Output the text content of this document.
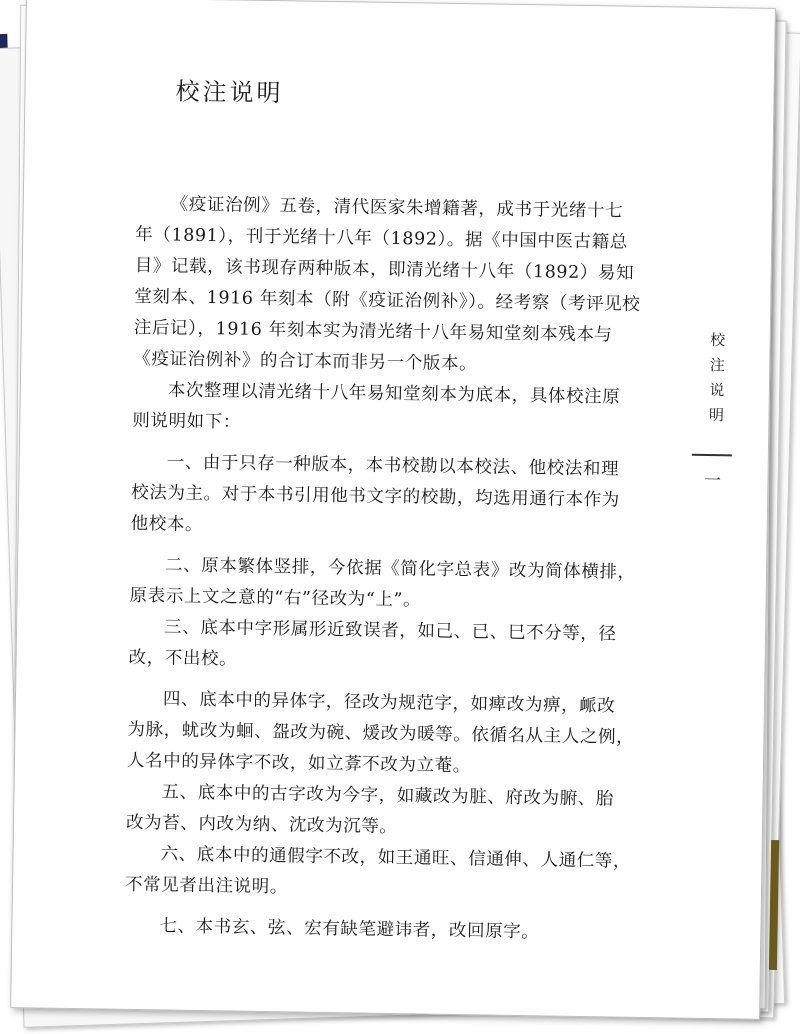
校注说明
《疫证治例》五卷，清代医家朱增籍著，成书于光绪十七
年（1891），刊于光绪十八年（1892）。据《中国中医古籍总
目》记载，该书现存两种版本，即清光绪十八年（1892）易知
堂刻本、1916 年刻本（附《疫证治例补》）。经考察（考评见校
注后记），1916 年刻本实为清光绪十八年易知堂刻本残本与
《疫证治例补》的合订本而非另一个版本。
本次整理以清光绪十八年易知堂刻本为底本，具体校注原
则说明如下：
一、由于只存一种版本，本书校勘以本校法、他校法和理
校法为主。对于本书引用他书文字的校勘，均选用通行本作为
他校本。
二、原本繁体竖排，今依据《简化字总表》改为简体横排，
原表示上文之意的“右”径改为“上”。
三、底本中字形属形近致误者，如己、已、巳不分等，径
改，不出校。
四、底本中的异体字，径改为规范字，如痺改为痹，衇改
为脉，蚘改为蛔、盌改为碗、煖改为暖等。依循名从主人之例，
人名中的异体字不改，如立葊不改为立菴。
五、底本中的古字改为今字，如藏改为脏、府改为腑、胎
改为苔、内改为纳、沈改为沉等。
六、底本中的通假字不改，如王通旺、信通伸、人通仁等，
不常见者出注说明。
七、本书玄、弦、宏有缺笔避讳者，改回原字。
校注说明
一
